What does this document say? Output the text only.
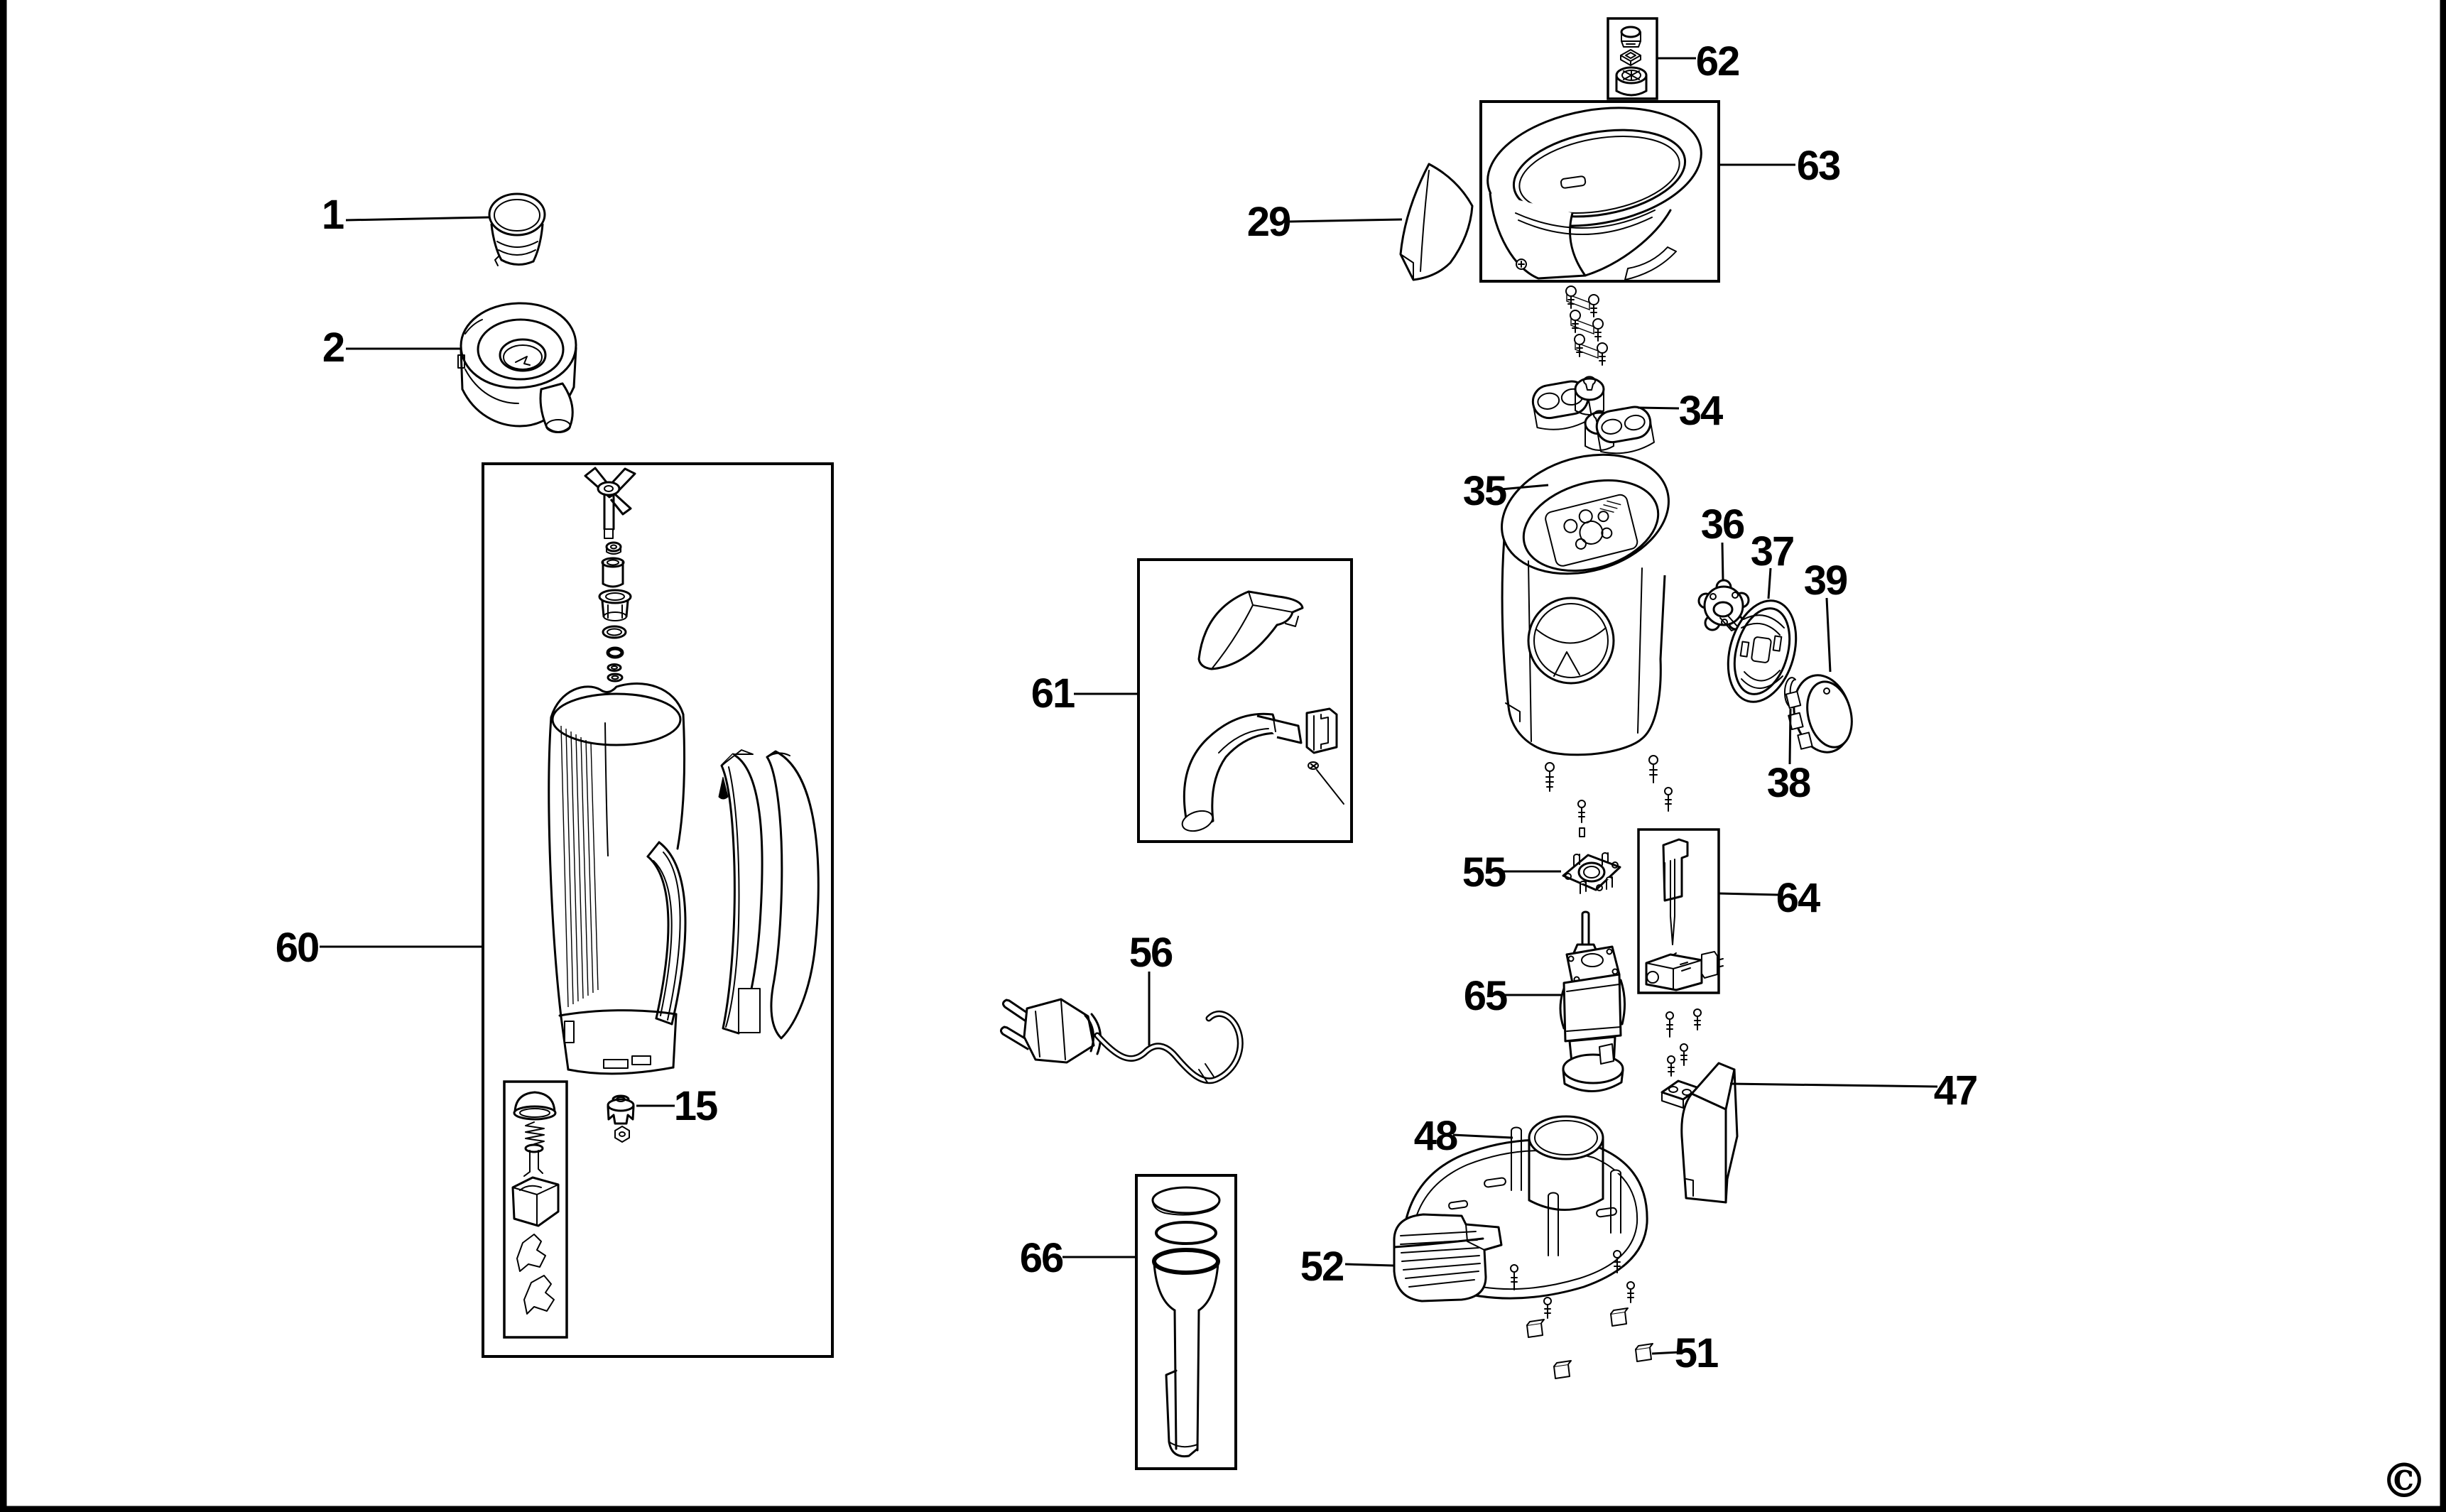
1
2
60
15
61
56
66
29
62
63
34
35
36
37
38
39
55
64
65
48
52
47
51
©
